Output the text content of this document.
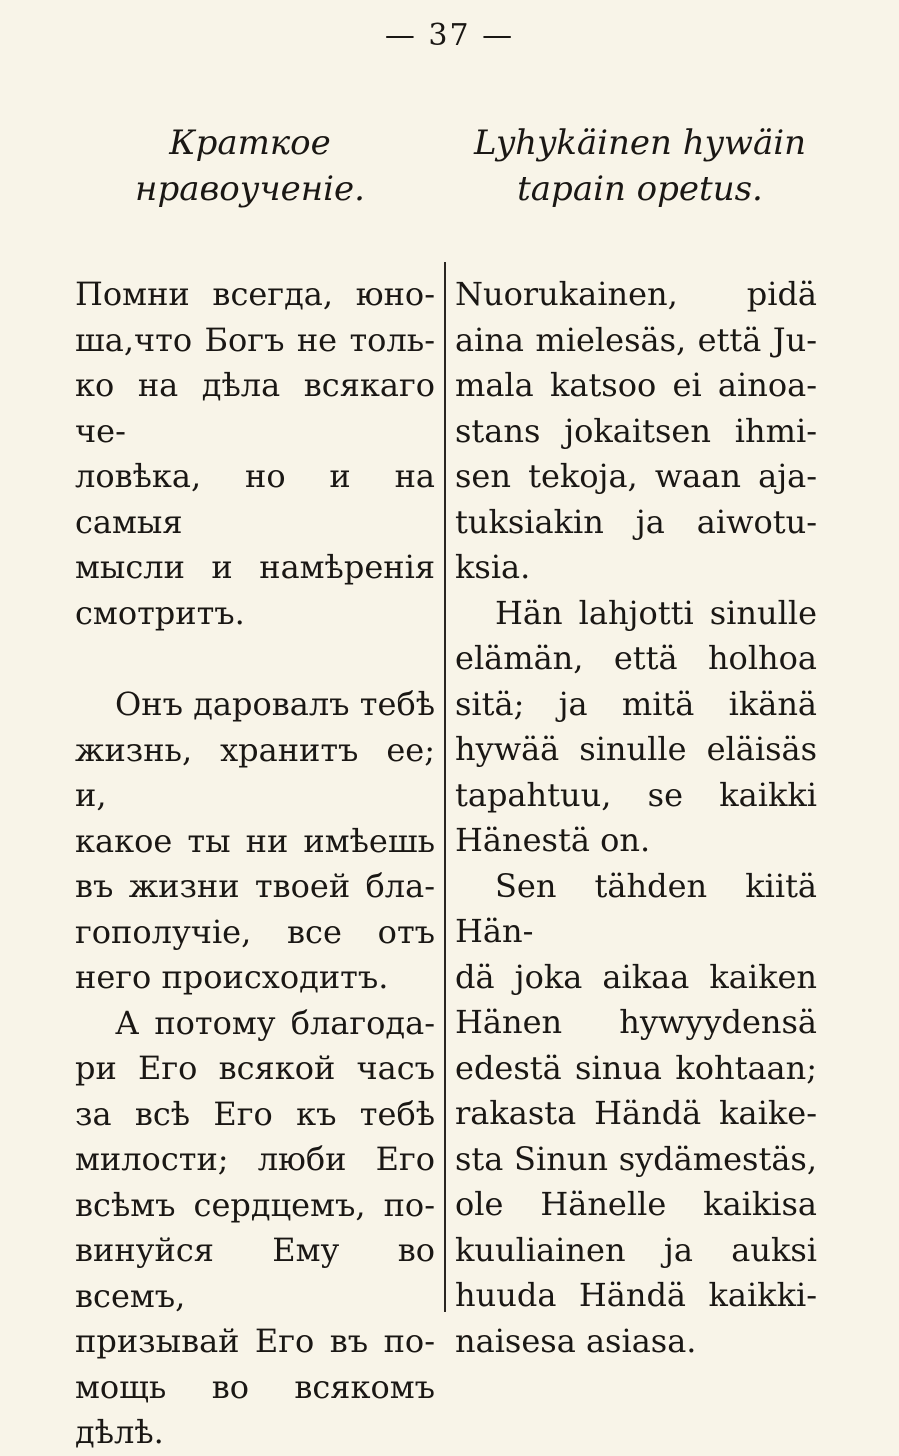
— 37 —
Краткое нравоученіе.
Lyhykäinen hywäin
tapain opetus.
Помни всегда, юно-
ша,что Богъ не толь-
ко на дѣла всякаго че-
ловѣка, но и на самыя
мысли и намѣренія
смотритъ.
Онъ даровалъ тебѣ
жизнь, хранитъ ее; и,
какое ты ни имѣешь
въ жизни твоей бла-
гополучіе, все отъ
него происходитъ.
А потому благода-
ри Его всякой часъ
за всѣ Его къ тебѣ
милости; люби Его
всѣмъ сердцемъ, по-
винуйся Ему во всемъ,
призывай Его въ по-
мощь во всякомъ дѣлѣ.
Nuorukainen, pidä
aina mielesäs, että Ju-
mala katsoo ei ainoa-
stans jokaitsen ihmi-
sen tekoja, waan aja-
tuksiakin ja aiwotu-
ksia.
Hän lahjotti sinulle
elämän, että holhoa
sitä; ja mitä ikänä
hywää sinulle eläisäs
tapahtuu, se kaikki
Hänestä on.
Sen tähden kiitä Hän-
dä joka aikaa kaiken
Hänen hywyydensä
edestä sinua kohtaan;
rakasta Händä kaike-
sta Sinun sydämestäs,
ole Hänelle kaikisa
kuuliainen ja auksi
huuda Händä kaikki-
naisesa asiasa.
